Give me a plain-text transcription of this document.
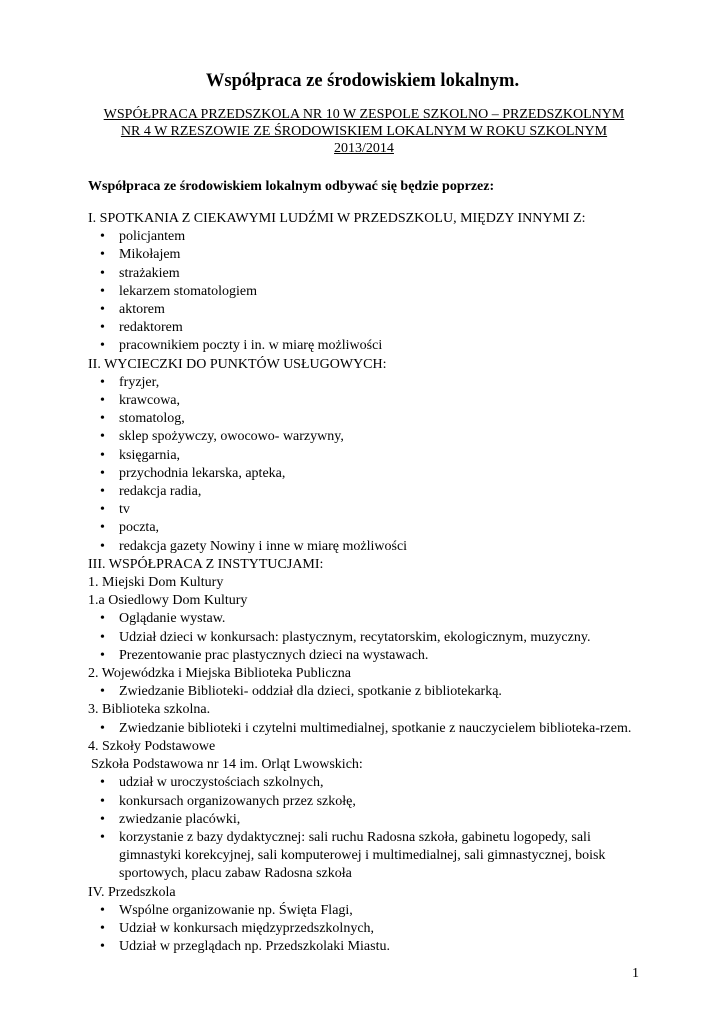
Współpraca ze środowiskiem lokalnym.

WSPÓŁPRACA PRZEDSZKOLA NR 10 W ZESPOLE SZKOLNO – PRZEDSZKOLNYM
NR 4 W RZESZOWIE ZE ŚRODOWISKIEM LOKALNYM W ROKU SZKOLNYM
2013/2014

Współpraca ze środowiskiem lokalnym odbywać się będzie poprzez:

I. SPOTKANIA Z CIEKAWYMI LUDŹMI W PRZEDSZKOLU, MIĘDZY INNYMI Z:

• policjantem
• Mikołajem
• strażakiem
• lekarzem stomatologiem
• aktorem
• redaktorem
• pracownikiem poczty i in. w miarę możliwości

II. WYCIECZKI DO PUNKTÓW USŁUGOWYCH:

• fryzjer,
• krawcowa,
• stomatolog,
• sklep spożywczy, owocowo- warzywny,
• księgarnia,
• przychodnia lekarska, apteka,
• redakcja radia,
• tv
• poczta,
• redakcja gazety Nowiny i inne w miarę możliwości

III. WSPÓŁPRACA Z INSTYTUCJAMI:

1. Miejski Dom Kultury

1.a Osiedlowy Dom Kultury

• Oglądanie wystaw.
• Udział dzieci w konkursach: plastycznym, recytatorskim, ekologicznym, muzyczny.
• Prezentowanie prac plastycznych dzieci na wystawach.

2. Wojewódzka i Miejska Biblioteka Publiczna

• Zwiedzanie Biblioteki- oddział dla dzieci, spotkanie z bibliotekarką.

3. Biblioteka szkolna.

• Zwiedzanie biblioteki i czytelni multimedialnej, spotkanie z nauczycielem biblioteka-rzem.

4. Szkoły Podstawowe

Szkoła Podstawowa nr 14 im. Orląt Lwowskich:

• udział w uroczystościach szkolnych,
• konkursach organizowanych przez szkołę,
• zwiedzanie placówki,
• korzystanie z bazy dydaktycznej: sali ruchu Radosna szkoła, gabinetu logopedy, sali gimnastyki korekcyjnej, sali komputerowej i multimedialnej, sali gimnastycznej, boisk sportowych, placu zabaw Radosna szkoła

IV. Przedszkola

• Wspólne organizowanie np. Święta Flagi,
• Udział w konkursach międzyprzedszkolnych,
• Udział w przeglądach np. Przedszkolaki Miastu.
1
